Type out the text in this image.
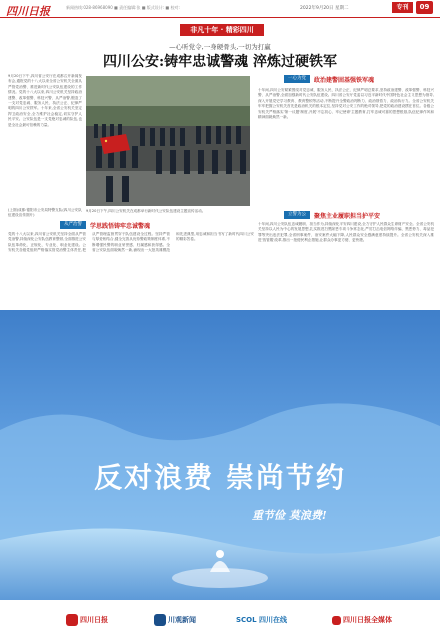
四川日报	新闻热线:028-86968090 ■ 责任编辑:张 ■ 版式设计: ■ 校对:	2022年9月20日 星期二	专刊	09
非凡十年 · 精彩四川
—心听党令,一身硬骨头,一切为打赢
四川公安:铸牢忠诚警魂 淬炼过硬铁军

9月20日下午,四川省公安厅在成都召开新闻发布会,通报党的十八大以来全省公安机关全面从严管党治警、推进新时代公安队伍建设的工作情况。党的十八大以来,四川公安机关坚持政治建警、改革强警、科技兴警、从严治警,锻造了一支对党忠诚、服务人民、执法公正、纪律严明的四川公安铁军。十年来,全省公安机关坚定捍卫政治安全,全力维护社会稳定,切实守护人民平安。公安队伍是一支党绝对忠诚的队伍,也是全社会最可信赖的力量。

(上图)成都:德阳市公安局特警支队(四川公安队伍建设宣传图片)
9月20日下午,四川公安机关在成都举行新时代公安队伍建设主题宣传活动。
一心为党	政治建警固基强铁军魂

十年间,四川公安紧紧围绕对党忠诚、服务人民、执法公正、纪律严明总要求,坚持政治建警、改革强警、科技兴警、从严治警,全面加强新时代公安队伍建设。四川省公安厅党委以习近平新时代中国特色社会主义思想为指导,深入开展党史学习教育、教育整顿等活动,不断提升全警政治判断力、政治领悟力、政治执行力。全省公安机关牢牢把握公安机关首先是政治机关的根本定位,坚持党对公安工作的绝对领导,把党的政治建设摆在首位。各级公安机关严格落实'第一议题'制度,开展'不忘初心、牢记使命'主题教育,打牢忠诚可靠的思想根基,队伍纪律作风和精神面貌焕然一新。

立警为公	聚焦主业履职担当护平安

十年间,四川公安队伍忠诚履职、担当作为,持续深化平安四川建设,全力守护人民群众生命财产安全。全省公安机关坚持以人民为中心的发展思想,扎实推进扫黑除恶专项斗争常态化,严厉打击电信网络诈骗、黑恶势力、毒品犯罪等突出违法犯罪,全省刑事案件、治安案件大幅下降,人民群众安全感满意度持续提升。全省公安机关深入推进'放管服'改革,推出一批便民利企措施,让群众办事更方便、更快捷。

从严治警	学思践悟铸牢忠诚警魂

党的十八大以来,四川省公安机关坚持全面从严管党治警,持续深化公安队伍教育整顿,全面推进公安队伍革命化、正规化、专业化、职业化建设。公安机关各级党组织严格落实管党治警主体责任,把从严管理监督贯穿于队伍建设全过程。坚持严管与厚爱相结合,健全完善从优待警政策制度体系,不断增强民警的职业荣誉感、归属感和获得感。全省公安队伍面貌焕然一新,涌现出一大批英雄模范和先进典型,用忠诚和担当书写了新时代四川公安的精彩答卷。

反对浪费 崇尚节约
重节俭 莫浪费!
四川日报	川观新闻	SCOL 四川在线	四川日报全媒体
